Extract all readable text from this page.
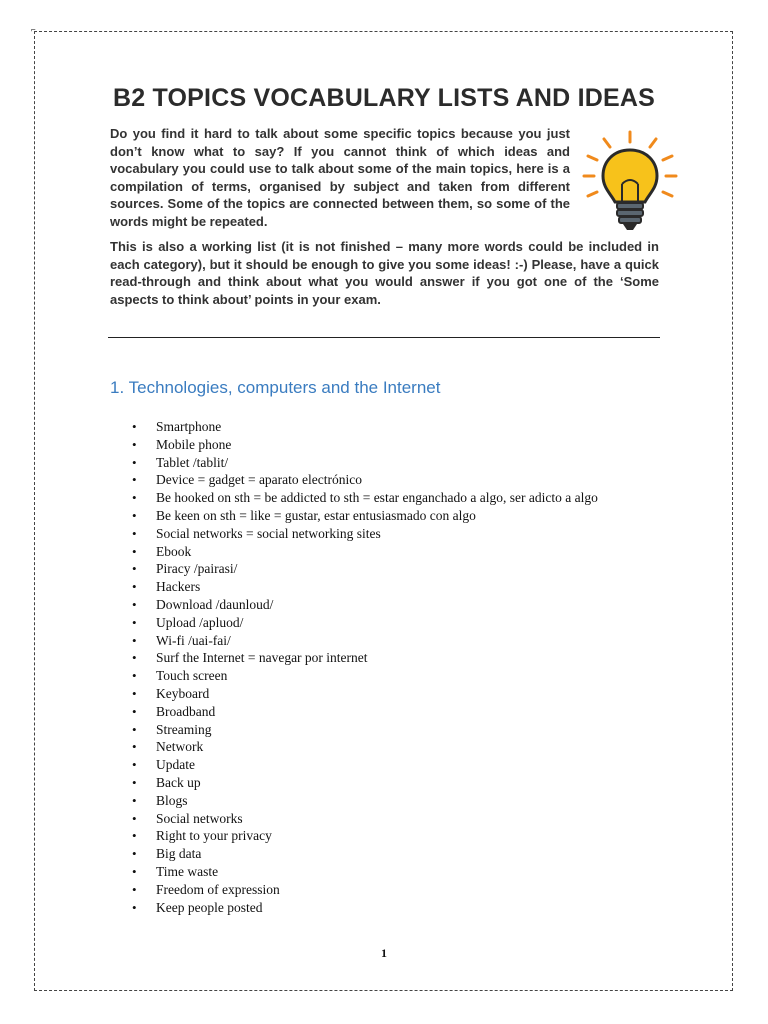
⌐
B2 TOPICS VOCABULARY LISTS AND IDEAS

Do you find it hard to talk about some specific topics because you just don’t know what to say? If you cannot think of which ideas and vocabulary you could use to talk about some of the main topics, here is a compilation of terms, organised by subject and taken from different sources. Some of the topics are connected between them, so some of the words might be repeated.

This is also a working list (it is not finished – many more words could be included in each category), but it should be enough to give you some ideas! :-) Please, have a quick read-through and think about what you would answer if you got one of the ‘Some aspects to think about’ points in your exam.

1. Technologies, computers and the Internet
• Smartphone
• Mobile phone
• Tablet /tablit/
• Device = gadget = aparato electrónico
• Be hooked on sth = be addicted to sth = estar enganchado a algo, ser adicto a algo
• Be keen on sth = like = gustar, estar entusiasmado con algo
• Social networks = social networking sites
• Ebook
• Piracy /pairasi/
• Hackers
• Download /daunloud/
• Upload /apluod/
• Wi-fi /uai-fai/
• Surf the Internet = navegar por internet
• Touch screen
• Keyboard
• Broadband
• Streaming
• Network
• Update
• Back up
• Blogs
• Social networks
• Right to your privacy
• Big data
• Time waste
• Freedom of expression
• Keep people posted
1
